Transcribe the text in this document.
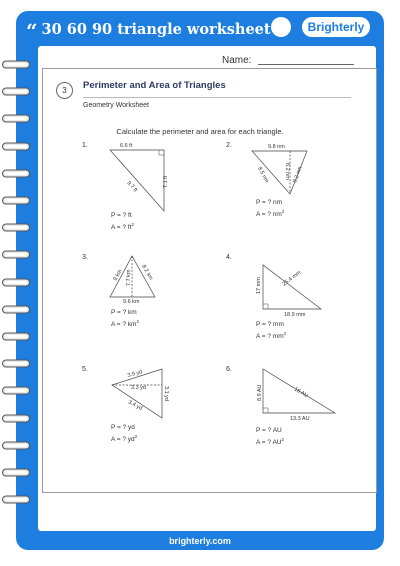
“ 30 60 90 triangle worksheet	Brighterly
Name:
3	Perimeter and Area of Triangles
Geometry Worksheet
Calculate the perimeter and area for each triangle.
1.	2.
3.	4.
5.	6.
6.6 ft
7.1 ft
9.7 ft
9.8 nm
6.2 nm
8.5 nm	9.2 nm
9 km	8.2 km
7.7 km
9.6 km
17 mm	25.4 mm
18.9 mm
3.9 yd
3.3 yd	3.1 yd
3.4 yd
8.9 AU	16 AU
13.3 AU
P = ? ft
A = ? $ft^2$
P = ? nm
A = ? $nm^2$
P = ? km
A = ? $km^2$	P = ? mm
A = ? $mm^2$
P = ? yd
A = ? $yd^2$
P = ? AU
A = ? $AU^2$
brighterly.com
